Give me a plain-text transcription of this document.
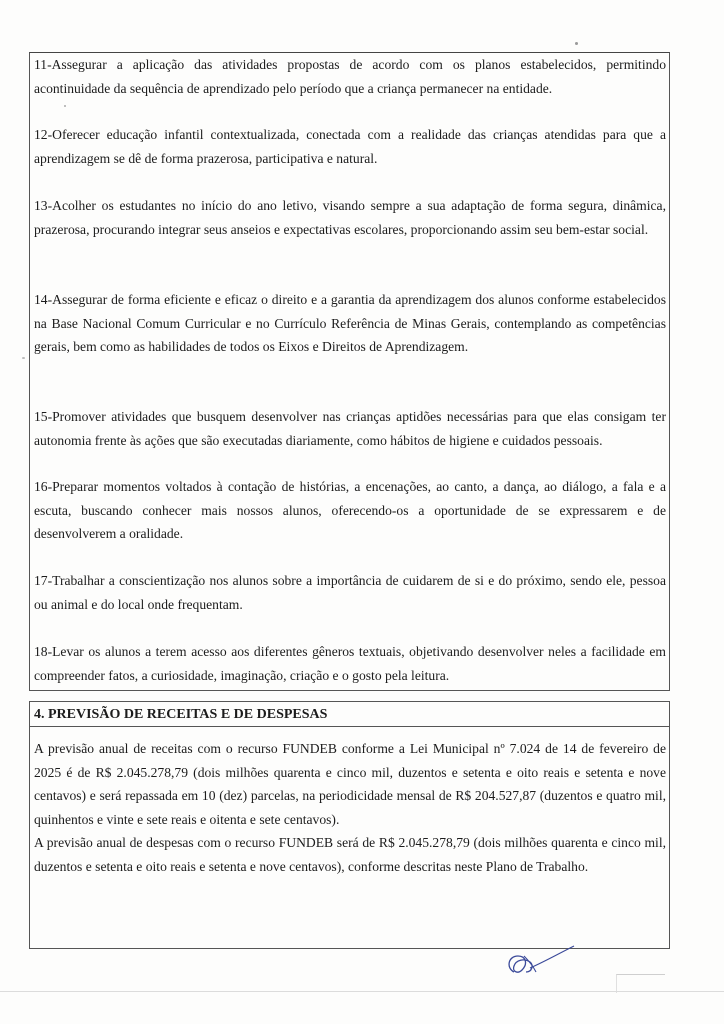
11-Assegurar a aplicação das atividades propostas de acordo com os planos estabelecidos, permitindo acontinuidade da sequência de aprendizado pelo período que a criança permanecer na entidade.

12-Oferecer educação infantil contextualizada, conectada com a realidade das crianças atendidas para que a aprendizagem se dê de forma prazerosa, participativa e natural.

13-Acolher os estudantes no início do ano letivo, visando sempre a sua adaptação de forma segura, dinâmica, prazerosa, procurando integrar seus anseios e expectativas escolares, proporcionando assim seu bem-estar social.

14-Assegurar de forma eficiente e eficaz o direito e a garantia da aprendizagem dos alunos conforme estabelecidos na Base Nacional Comum Curricular e no Currículo Referência de Minas Gerais, contemplando as competências gerais, bem como as habilidades de todos os Eixos e Direitos de Aprendizagem.

15-Promover atividades que busquem desenvolver nas crianças aptidões necessárias para que elas consigam ter autonomia frente às ações que são executadas diariamente, como hábitos de higiene e cuidados pessoais.

16-Preparar momentos voltados à contação de histórias, a encenações, ao canto, a dança, ao diálogo, a fala e a escuta, buscando conhecer mais nossos alunos, oferecendo-os a oportunidade de se expressarem e de desenvolverem a oralidade.

17-Trabalhar a conscientização nos alunos sobre a importância de cuidarem de si e do próximo, sendo ele, pessoa ou animal e do local onde frequentam.

18-Levar os alunos a terem acesso aos diferentes gêneros textuais, objetivando desenvolver neles a facilidade em compreender fatos, a curiosidade, imaginação, criação e o gosto pela leitura.

4. PREVISÃO DE RECEITAS E DE DESPESAS

A previsão anual de receitas com o recurso FUNDEB conforme a Lei Municipal nº 7.024 de 14 de fevereiro de 2025 é de R$ 2.045.278,79 (dois milhões quarenta e cinco mil, duzentos e setenta e oito reais e setenta e nove centavos) e será repassada em 10 (dez) parcelas, na periodicidade mensal de R$ 204.527,87 (duzentos e quatro mil, quinhentos e vinte e sete reais e oitenta e sete centavos).

A previsão anual de despesas com o recurso FUNDEB será de R$ 2.045.278,79 (dois milhões quarenta e cinco mil, duzentos e setenta e oito reais e setenta e nove centavos), conforme descritas neste Plano de Trabalho.
